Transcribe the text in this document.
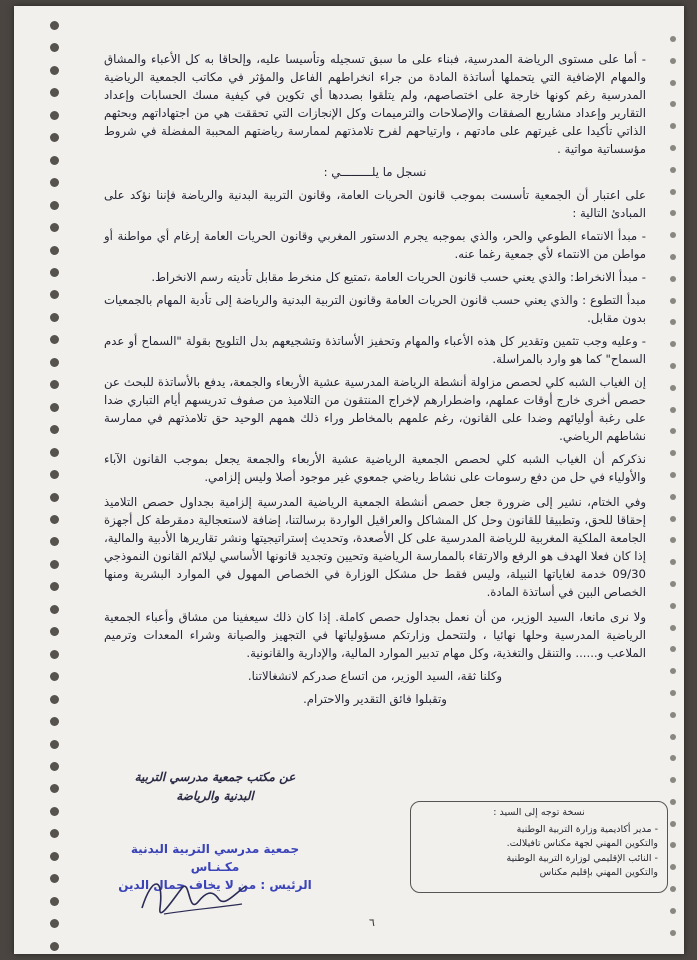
- أما على مستوى الرياضة المدرسية، فبناء على ما سبق تسجيله وتأسيسا عليه، وإلحاقا به كل الأعباء والمشاق والمهام الإضافية التي يتحملها أساتذة المادة من جراء انخراطهم الفاعل والمؤثر في مكاتب الجمعية الرياضية المدرسية رغم كونها خارجة على اختصاصهم، ولم يتلقوا بصددها أي تكوين في كيفية مسك الحسابات وإعداد التقارير وإعداد مشاريع الصفقات والإصلاحات والترميمات وكل الإنجازات التي تحققت هي من اجتهاداتهم وبحثهم الذاتي تأكيدا على غيرتهم على مادتهم ، وارتياحهم لفرح تلامذتهم لممارسة رياضتهم المحببة المفضلة في شروط مؤسساتية مواتية .

نسجل ما يلـــــــــي :

على اعتبار أن الجمعية تأسست بموجب قانون الحريات العامة، وقانون التربية البدنية والرياضة فإننا نؤكد على المبادئ التالية :

- مبدأ الانتماء الطوعي والحر، والذي بموجبه يجرم الدستور المغربي وقانون الحريات العامة إرغام أي مواطنة أو مواطن من الانتماء لأي جمعية رغما عنه.

- مبدأ الانخراط: والذي يعني حسب قانون الحريات العامة ،تمتيع كل منخرط مقابل تأديته رسم الانخراط.

مبدأ التطوع : والذي يعني حسب قانون الحريات العامة وقانون التربية البدنية والرياضة إلى تأدية المهام بالجمعيات بدون مقابل.

- وعليه وجب تثمين وتقدير كل هذه الأعباء والمهام وتحفيز الأساتذة وتشجيعهم بدل التلويح بقولة "السماح أو عدم السماح" كما هو وارد بالمراسلة.

إن الغياب الشبه كلي لحصص مزاولة أنشطة الرياضة المدرسية عشية الأربعاء والجمعة، يدفع بالأساتذة للبحث عن حصص أخرى خارج أوقات عملهم، واضطرارهم لإخراج المنتقون من التلاميذ من صفوف تدريسهم أيام التباري ضدا على رغبة أوليائهم وضدا على القانون، رغم علمهم بالمخاطر وراء ذلك همهم الوحيد حق تلامذتهم في ممارسة نشاطهم الرياضي.

نذكركم أن الغياب الشبه كلي لحصص الجمعية الرياضية عشية الأربعاء والجمعة يجعل بموجب القانون الآباء والأولياء في حل من دفع رسومات على نشاط رياضي جمعوي غير موجود أصلا وليس إلزامي.

وفي الختام، نشير إلى ضرورة جعل حصص أنشطة الجمعية الرياضية المدرسية إلزامية بجداول حصص التلاميذ إحقاقا للحق، وتطبيقا للقانون وحل كل المشاكل والعراقيل الواردة برسالتنا، إضافة لاستعجالية دمقرطة كل أجهزة الجامعة الملكية المغربية للرياضة المدرسية على كل الأصعدة، وتحديث إستراتيجيتها ونشر تقاريرها الأدبية والمالية، إذا كان فعلا الهدف هو الرفع والارتقاء بالممارسة الرياضية وتحيين وتجديد قانونها الأساسي ليلائم القانون النموذجي 09/30 خدمة لغاياتها النبيلة، وليس فقط حل مشكل الوزارة في الخصاص المهول في الموارد البشرية ومنها الخصاص البين في أساتذة المادة.

ولا نرى مانعا، السيد الوزير، من أن نعمل بجداول حصص كاملة. إذا كان ذلك سيعفينا من مشاق وأعباء الجمعية الرياضية المدرسية وحلها نهائيا ، ولتتحمل وزارتكم مسؤولياتها في التجهيز والصيانة وشراء المعدات وترميم الملاعب و...... والتنقل والتغذية، وكل مهام تدبير الموارد المالية، والإدارية والقانونية.

وكلنا ثقة، السيد الوزير، من اتساع صدركم لانشغالاتنا.

وتقبلوا فائق التقدير والاحترام.

عن مكتب جمعية مدرسي التربية
البدنية والرياضة
جمعية مدرسي التربية البدنية
مكـنـاس
الرئيس : من لا يخاف جمال الدين
نسخة توجه إلى السيد :
- مدير أكاديمية وزارة التربية الوطنية
والتكوين المهني لجهة مكناس تافيلالت.
- النائب الإقليمي لوزارة التربية الوطنية
والتكوين المهني بإقليم مكناس
٦
